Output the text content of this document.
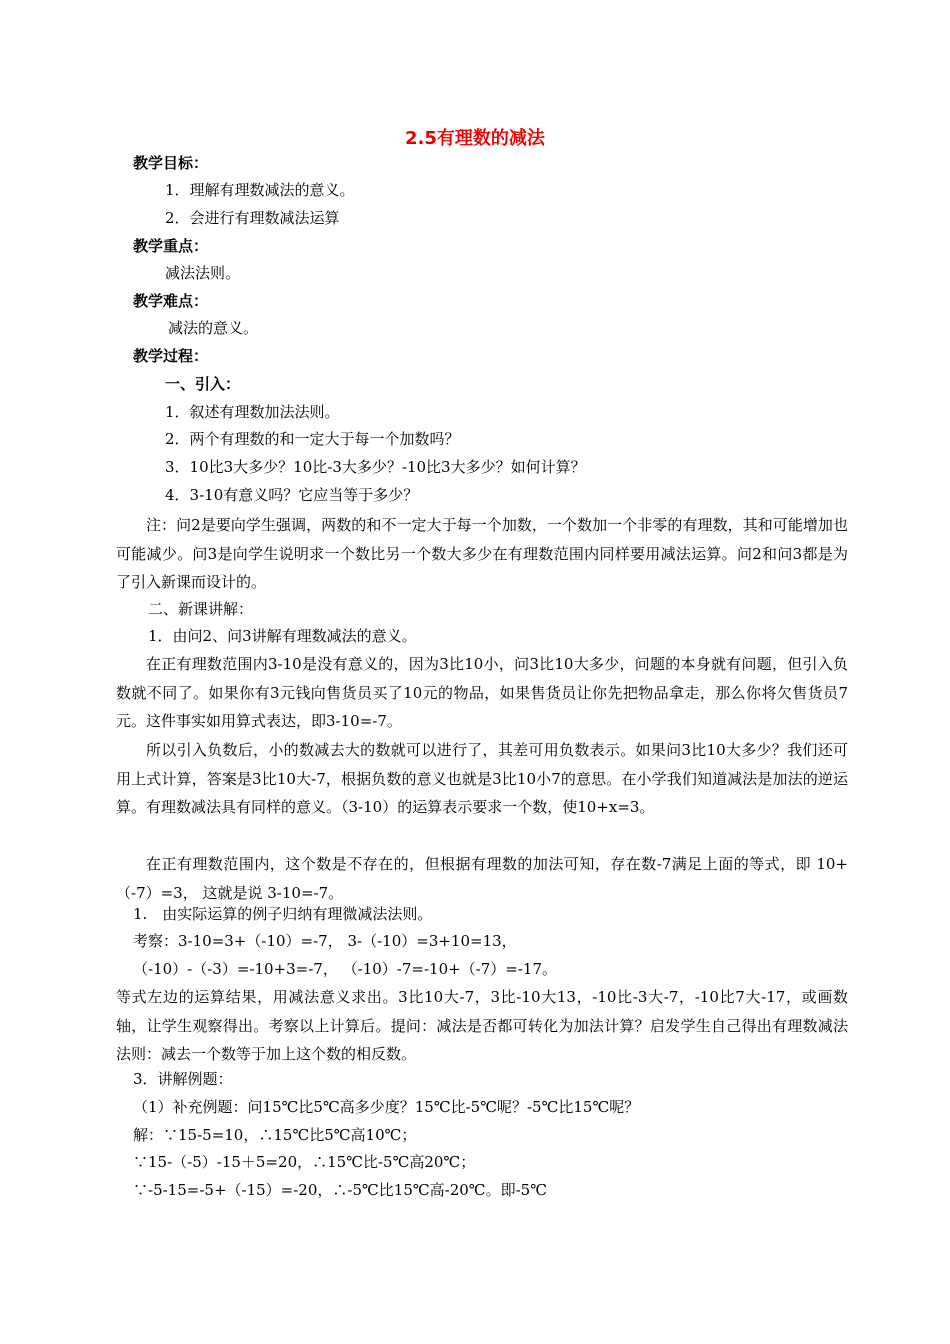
2.5有理数的减法
教学目标：
1．理解有理数减法的意义。
2．会进行有理数减法运算
教学重点：
减法法则。
教学难点：
减法的意义。
教学过程：
一、引入：
1．叙述有理数加法法则。
2．两个有理数的和一定大于每一个加数吗？
3．10比3大多少？10比-3大多少？-10比3大多少？如何计算？
4．3-10有意义吗？它应当等于多少？
注：问2是要向学生强调，两数的和不一定大于每一个加数，一个数加一个非零的有理数，其和可能增加也可能减少。问3是向学生说明求一个数比另一个数大多少在有理数范围内同样要用减法运算。问2和问3都是为了引入新课而设计的。
二、新课讲解：
1．由问2、问3讲解有理数减法的意义。
在正有理数范围内3-10是没有意义的，因为3比10小，问3比10大多少，问题的本身就有问题，但引入负数就不同了。如果你有3元钱向售货员买了10元的物品，如果售货员让你先把物品拿走，那么你将欠售货员7元。这件事实如用算式表达，即3-10=-7。
所以引入负数后，小的数减去大的数就可以进行了，其差可用负数表示。如果问3比10大多少？我们还可用上式计算，答案是3比10大-7，根据负数的意义也就是3比10小7的意思。在小学我们知道减法是加法的逆运算。有理数减法具有同样的意义。（3-10）的运算表示要求一个数，使10+x=3。
在正有理数范围内，这个数是不存在的，但根据有理数的加法可知，存在数-7满足上面的等式，即 10+（-7）=3， 这就是说 3-10=-7。
1.　由实际运算的例子归纳有理微减法法则。
考察：3-10=3+（-10）=-7， 3-（-10）=3+10=13，
（-10）-（-3）=-10+3=-7， （-10）-7=-10+（-7）=-17。
等式左边的运算结果，用减法意义求出。3比10大-7，3比-10大13，-10比-3大-7，-10比7大-17，或画数轴，让学生观察得出。考察以上计算后。提问：减法是否都可转化为加法计算？启发学生自己得出有理数减法法则：减去一个数等于加上这个数的相反数。
3．讲解例题：
（1）补充例题：问15℃比5℃高多少度？15℃比-5℃呢？-5℃比15℃呢？
解：∵15-5=10，∴15℃比5℃高10℃；
∵15-（-5）-15＋5=20，∴15℃比-5℃高20℃；
∵-5-15=-5+（-15）=-20，∴-5℃比15℃高-20℃。即-5℃
